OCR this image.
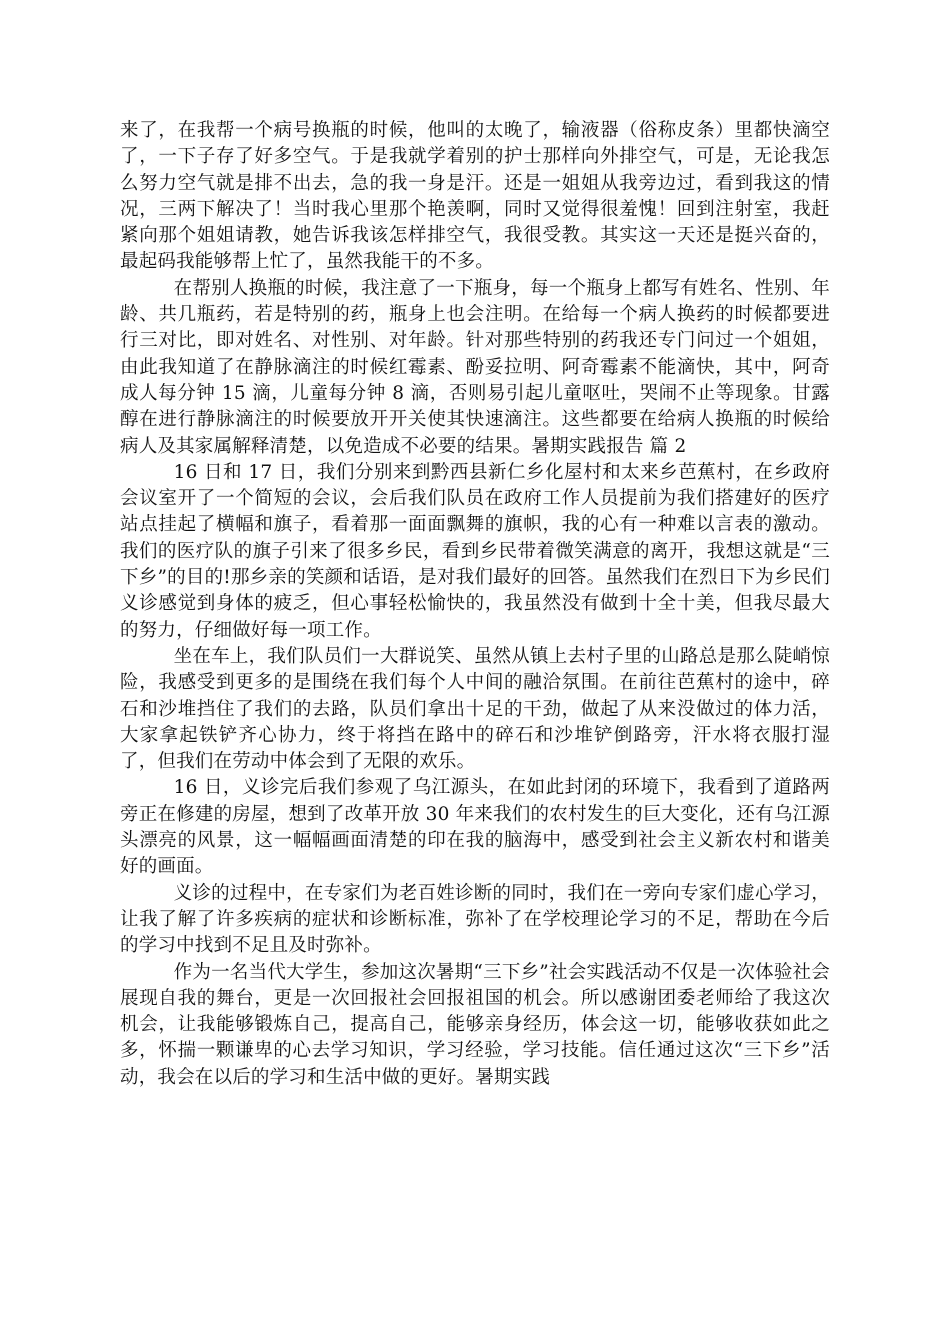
来了，在我帮一个病号换瓶的时候，他叫的太晚了，输液器（俗称皮条）里都快滴空了，一下子存了好多空气。于是我就学着别的护士那样向外排空气，可是，无论我怎么努力空气就是排不出去，急的我一身是汗。还是一姐姐从我旁边过，看到我这的情况，三两下解决了！当时我心里那个艳羡啊，同时又觉得很羞愧！回到注射室，我赶紧向那个姐姐请教，她告诉我该怎样排空气，我很受教。其实这一天还是挺兴奋的，最起码我能够帮上忙了，虽然我能干的不多。

在帮别人换瓶的时候，我注意了一下瓶身，每一个瓶身上都写有姓名、性别、年龄、共几瓶药，若是特别的药，瓶身上也会注明。在给每一个病人换药的时候都要进行三对比，即对姓名、对性别、对年龄。针对那些特别的药我还专门问过一个姐姐，由此我知道了在静脉滴注的时候红霉素、酚妥拉明、阿奇霉素不能滴快，其中，阿奇成人每分钟 15 滴，儿童每分钟 8 滴，否则易引起儿童呕吐，哭闹不止等现象。甘露醇在进行静脉滴注的时候要放开开关使其快速滴注。这些都要在给病人换瓶的时候给病人及其家属解释清楚，以免造成不必要的结果。暑期实践报告 篇 2

16 日和 17 日，我们分别来到黔西县新仁乡化屋村和太来乡芭蕉村，在乡政府会议室开了一个简短的会议，会后我们队员在政府工作人员提前为我们搭建好的医疗站点挂起了横幅和旗子，看着那一面面飘舞的旗帜，我的心有一种难以言表的激动。我们的医疗队的旗子引来了很多乡民，看到乡民带着微笑满意的离开，我想这就是“三下乡”的目的!那乡亲的笑颜和话语，是对我们最好的回答。虽然我们在烈日下为乡民们义诊感觉到身体的疲乏，但心事轻松愉快的，我虽然没有做到十全十美，但我尽最大的努力，仔细做好每一项工作。

坐在车上，我们队员们一大群说笑、虽然从镇上去村子里的山路总是那么陡峭惊险，我感受到更多的是围绕在我们每个人中间的融洽氛围。在前往芭蕉村的途中，碎石和沙堆挡住了我们的去路，队员们拿出十足的干劲，做起了从来没做过的体力活，大家拿起铁铲齐心协力，终于将挡在路中的碎石和沙堆铲倒路旁，汗水将衣服打湿了，但我们在劳动中体会到了无限的欢乐。

16 日，义诊完后我们参观了乌江源头，在如此封闭的环境下，我看到了道路两旁正在修建的房屋，想到了改革开放 30 年来我们的农村发生的巨大变化，还有乌江源头漂亮的风景，这一幅幅画面清楚的印在我的脑海中，感受到社会主义新农村和谐美好的画面。

义诊的过程中，在专家们为老百姓诊断的同时，我们在一旁向专家们虚心学习，让我了解了许多疾病的症状和诊断标准，弥补了在学校理论学习的不足，帮助在今后的学习中找到不足且及时弥补。

作为一名当代大学生，参加这次暑期“三下乡”社会实践活动不仅是一次体验社会展现自我的舞台，更是一次回报社会回报祖国的机会。所以感谢团委老师给了我这次机会，让我能够锻炼自己，提高自己，能够亲身经历，体会这一切，能够收获如此之多，怀揣一颗谦卑的心去学习知识，学习经验，学习技能。信任通过这次“三下乡”活动，我会在以后的学习和生活中做的更好。暑期实践
